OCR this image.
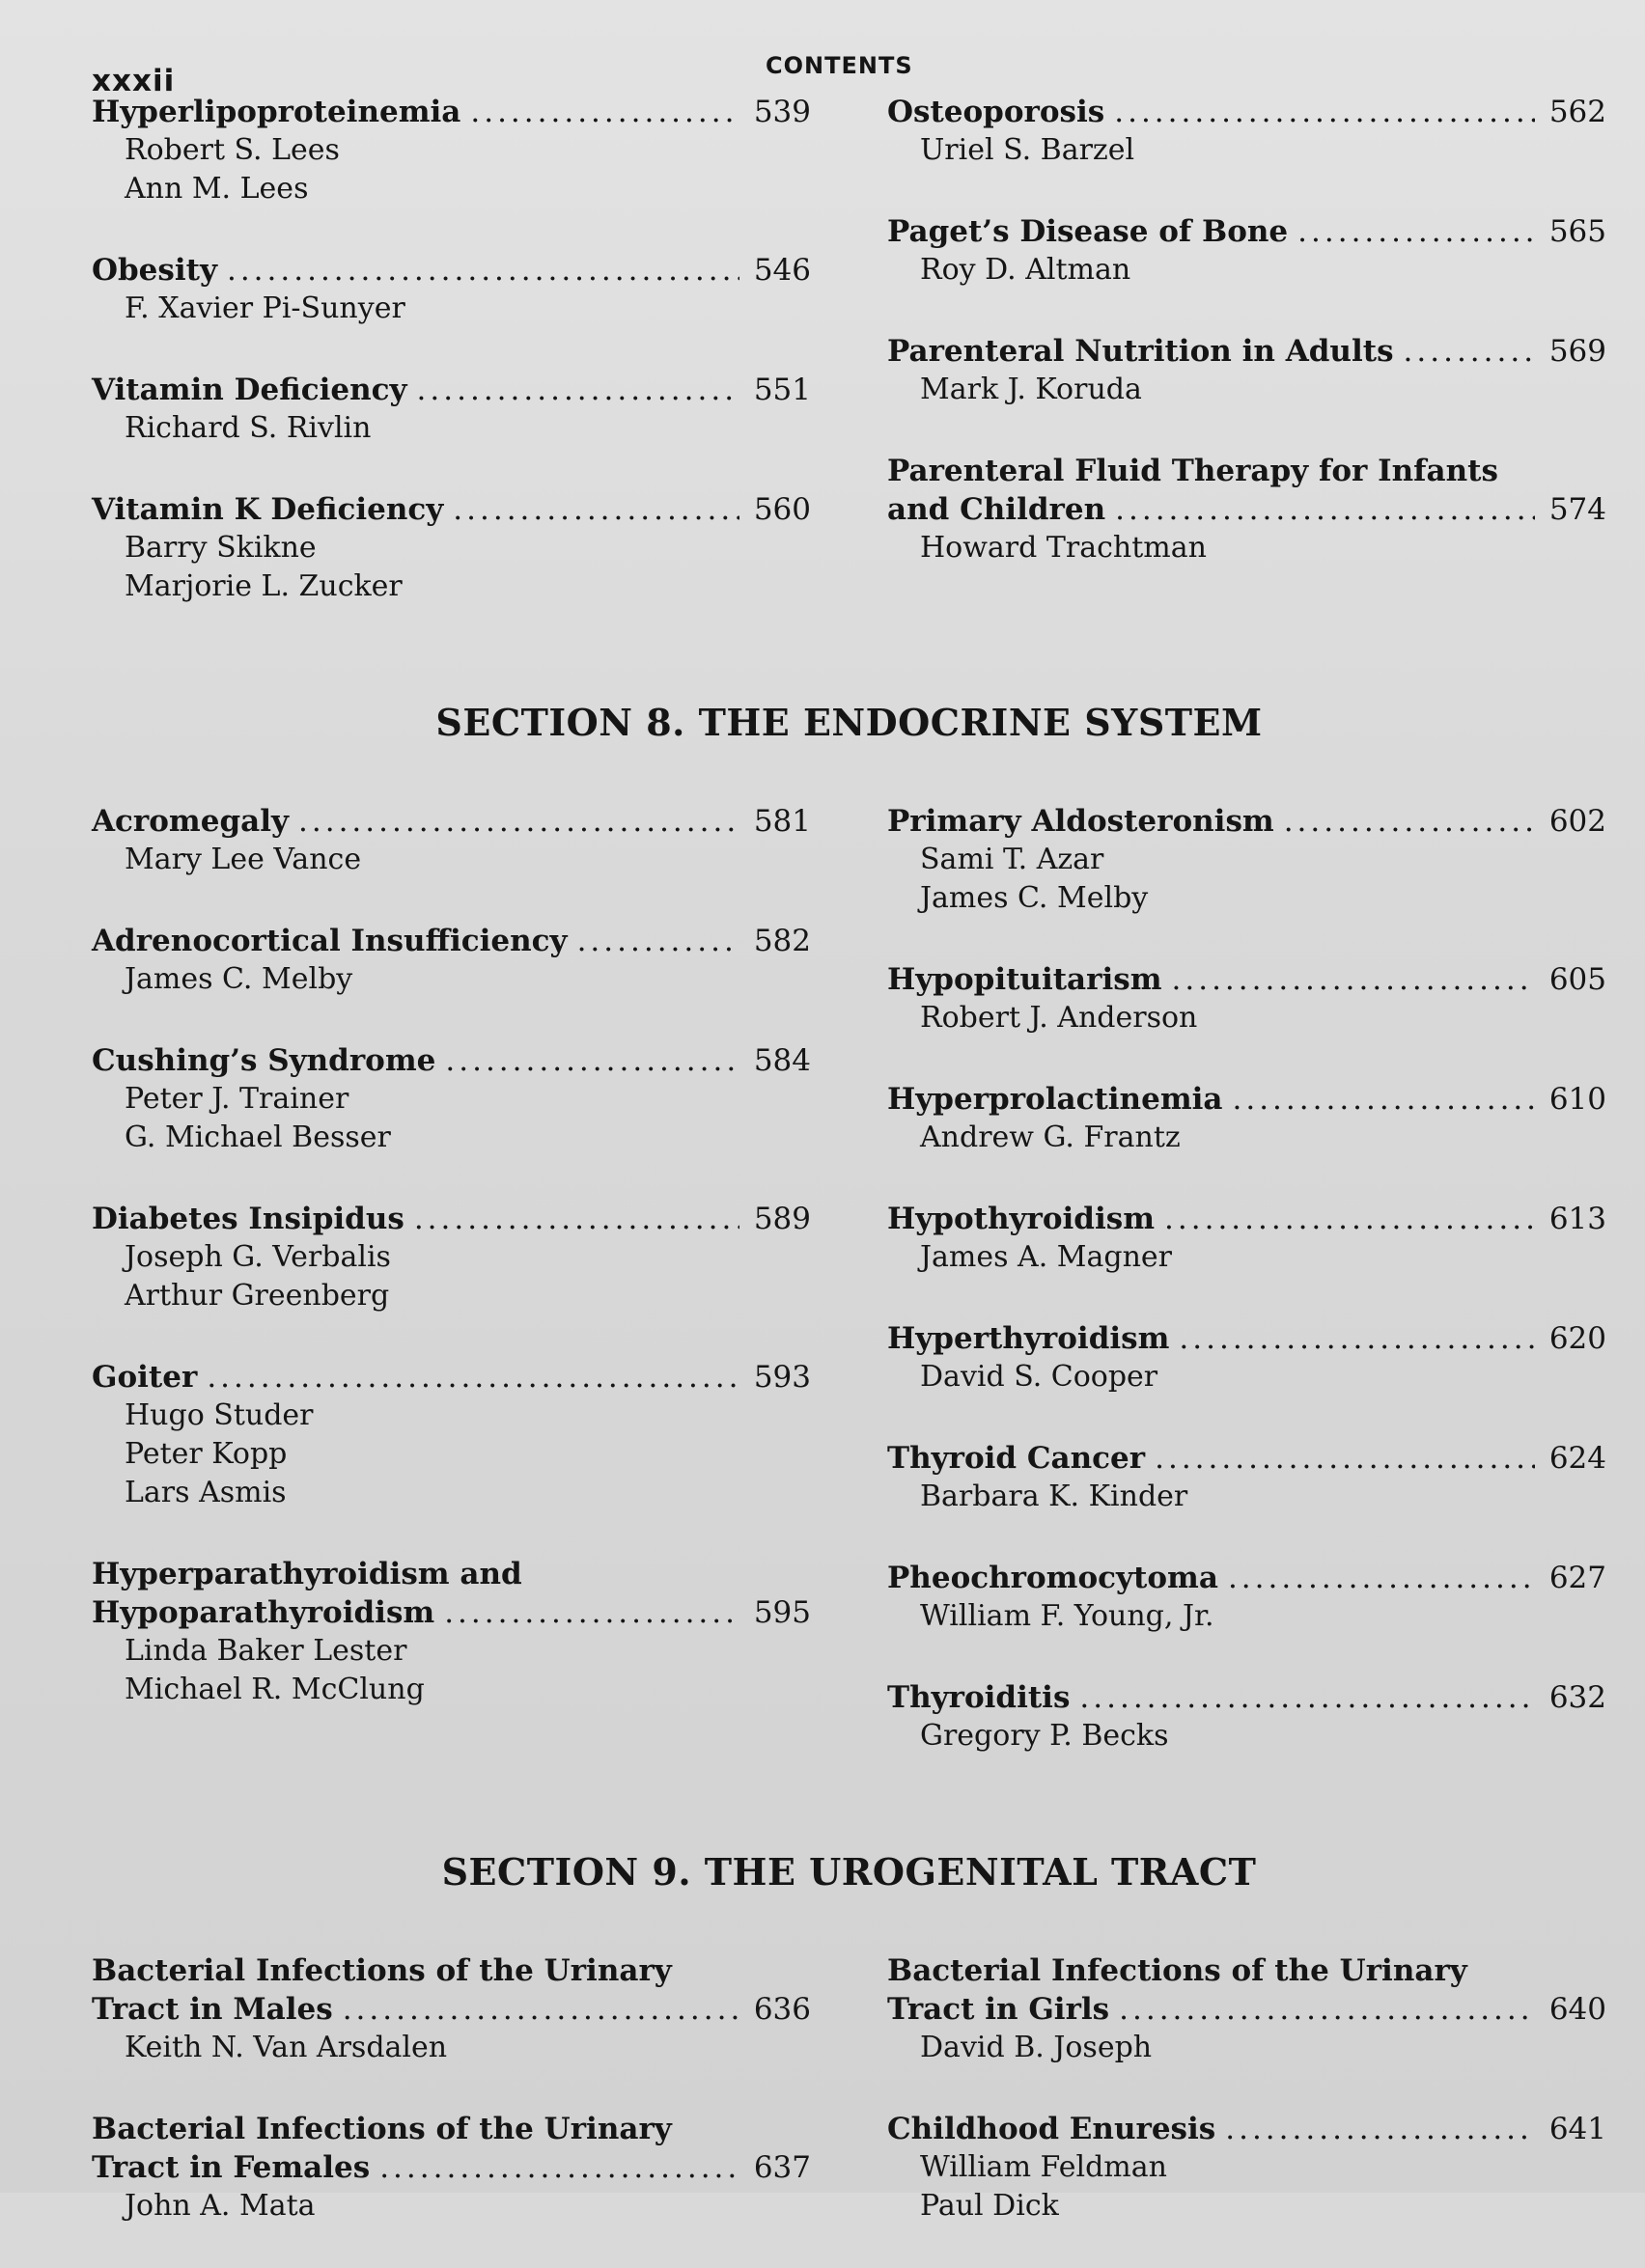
xxxii	CONTENTS
Hyperlipoproteinemia .....	539
Robert S. Lees
Ann M. Lees
Obesity .....	546
F. Xavier Pi-Sunyer
Vitamin Deficiency .....	551
Richard S. Rivlin
Vitamin K Deficiency .....	560
Barry Skikne
Marjorie L. Zucker
Osteoporosis .....	562
Uriel S. Barzel
Paget’s Disease of Bone .....	565
Roy D. Altman
Parenteral Nutrition in Adults .....	569
Mark J. Koruda
Parenteral Fluid Therapy for Infants
and Children .....	574
Howard Trachtman
SECTION 8. THE ENDOCRINE SYSTEM
Acromegaly .....	581
Mary Lee Vance
Adrenocortical Insufficiency .....	582
James C. Melby
Cushing’s Syndrome .....	584
Peter J. Trainer
G. Michael Besser
Diabetes Insipidus .....	589
Joseph G. Verbalis
Arthur Greenberg
Goiter .....	593
Hugo Studer
Peter Kopp
Lars Asmis
Hyperparathyroidism and
Hypoparathyroidism .....	595
Linda Baker Lester
Michael R. McClung
Primary Aldosteronism .....	602
Sami T. Azar
James C. Melby
Hypopituitarism .....	605
Robert J. Anderson
Hyperprolactinemia .....	610
Andrew G. Frantz
Hypothyroidism .....	613
James A. Magner
Hyperthyroidism .....	620
David S. Cooper
Thyroid Cancer .....	624
Barbara K. Kinder
Pheochromocytoma .....	627
William F. Young, Jr.
Thyroiditis .....	632
Gregory P. Becks
SECTION 9. THE UROGENITAL TRACT
Bacterial Infections of the Urinary
Tract in Males .....	636
Keith N. Van Arsdalen
Bacterial Infections of the Urinary
Tract in Females .....	637
John A. Mata
Bacterial Infections of the Urinary
Tract in Girls .....	640
David B. Joseph
Childhood Enuresis .....	641
William Feldman
Paul Dick
